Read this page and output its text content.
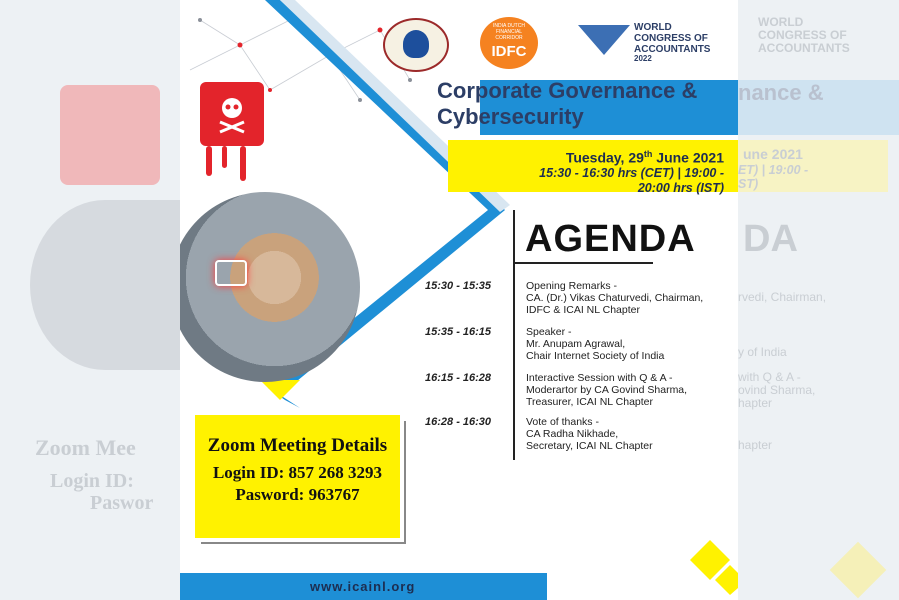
Zoom Mee
Login ID:
Paswor
WORLD
CONGRESS OF
ACCOUNTANTS
nance &
une 2021
ET) | 19:00 -
ST)
DA
rvedi, Chairman,
y of India
with Q & A -
ovind Sharma,
hapter
hapter
INDIA DUTCH FINANCIAL CORRIDOR
IDFC
WORLD
CONGRESS OF
ACCOUNTANTS
2022
Corporate Governance &
Cybersecurity
Tuesday, 29th June 2021
15:30 - 16:30 hrs (CET) | 19:00 -
20:00 hrs (IST)
AGENDA
15:30 - 15:35	Opening Remarks -
CA. (Dr.) Vikas Chaturvedi, Chairman,
IDFC & ICAI NL Chapter
15:35 - 16:15	Speaker -
Mr. Anupam Agrawal,
Chair Internet Society of India
16:15 - 16:28	Interactive Session with Q & A -
Moderartor by CA Govind Sharma,
Treasurer, ICAI NL Chapter
16:28 - 16:30	Vote of thanks -
CA Radha Nikhade,
Secretary, ICAI NL Chapter
Zoom Meeting Details
Login ID: 857 268 3293
Pasword: 963767
www.icainl.org
